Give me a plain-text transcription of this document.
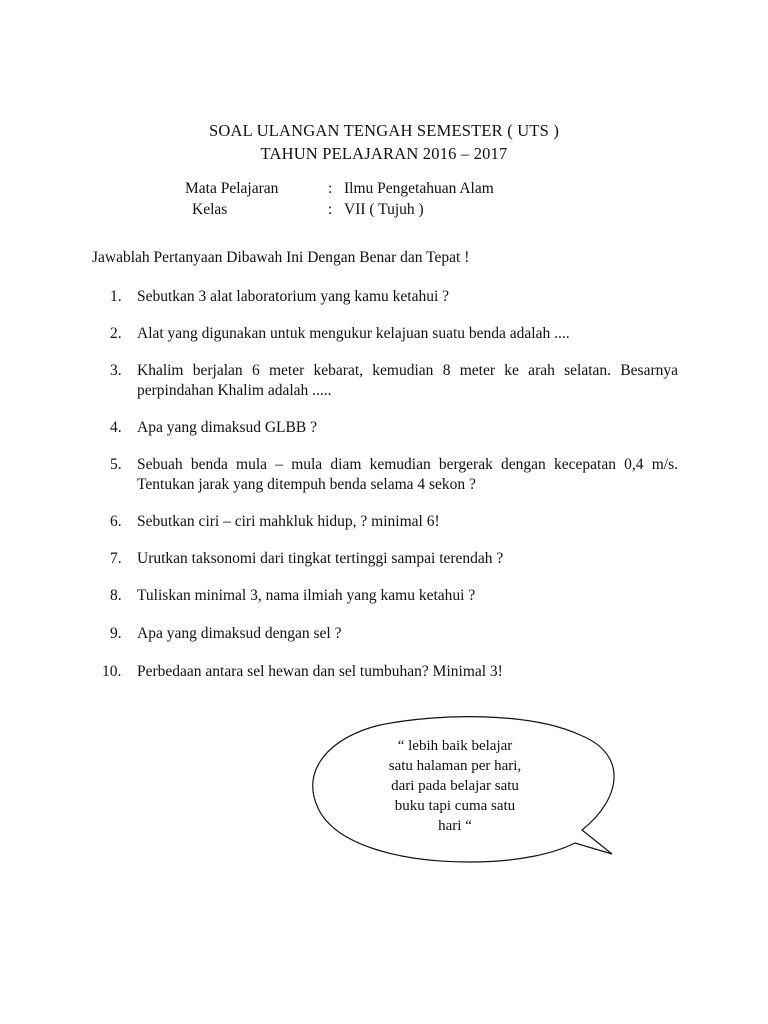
SOAL ULANGAN TENGAH SEMESTER ( UTS )
TAHUN PELAJARAN 2016 – 2017
Mata Pelajaran	: Ilmu Pengetahuan Alam
Kelas	: VII ( Tujuh )
Jawablah Pertanyaan Dibawah Ini Dengan Benar dan Tepat !
1. Sebutkan 3 alat laboratorium yang kamu ketahui ?
2. Alat yang digunakan untuk mengukur kelajuan suatu benda adalah ....
3. Khalim berjalan 6 meter kebarat, kemudian 8 meter ke arah selatan. Besarnya perpindahan Khalim adalah .....
4. Apa yang dimaksud GLBB ?
5. Sebuah benda mula – mula diam kemudian bergerak dengan kecepatan 0,4 m/s. Tentukan jarak yang ditempuh benda selama 4 sekon ?
6. Sebutkan ciri – ciri mahkluk hidup, ? minimal 6!
7. Urutkan taksonomi dari tingkat tertinggi sampai terendah ?
8. Tuliskan minimal 3, nama ilmiah yang kamu ketahui ?
9. Apa yang dimaksud dengan sel ?
10. Perbedaan antara sel hewan dan sel tumbuhan? Minimal 3!
“ lebih baik belajar
satu halaman per hari,
dari pada belajar satu
buku tapi cuma satu
hari “
